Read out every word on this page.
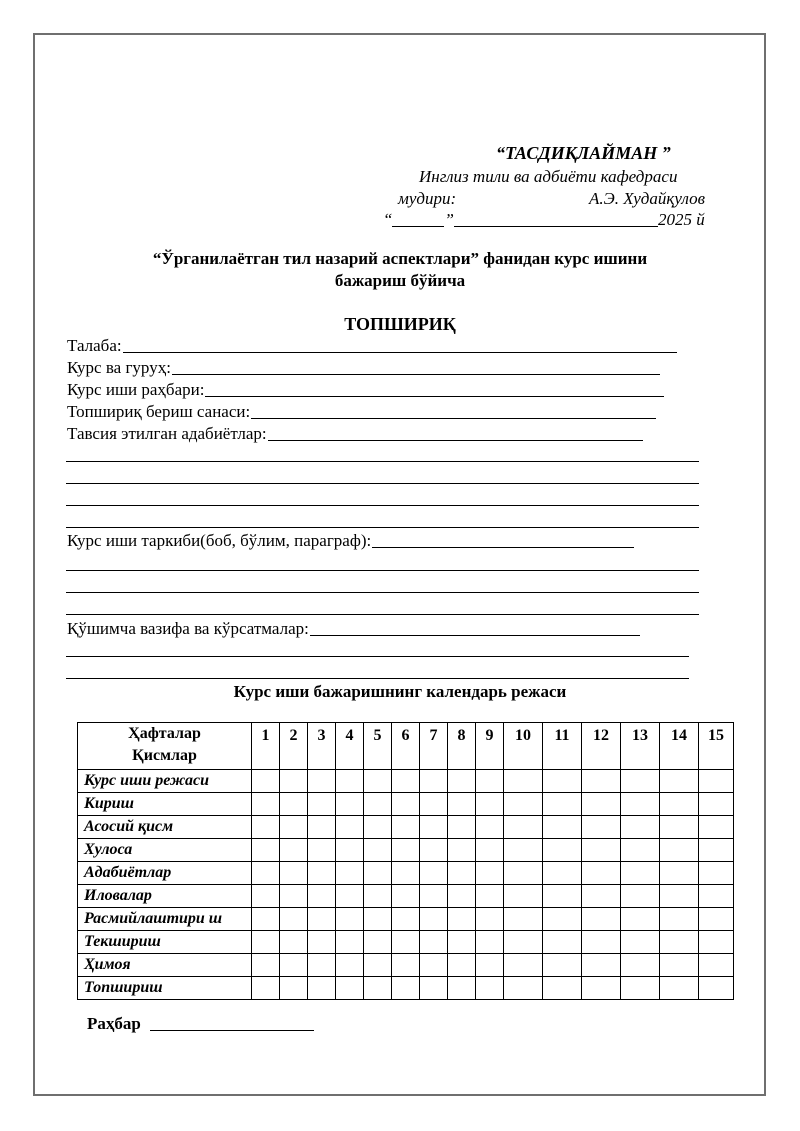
“ТАСДИҚЛАЙМАН ”
Инглиз тили ва адбиёти кафедраси
мудири:	А.Э. Худайқулов
“	”	2025 й
“Ўрганилаётган тил назарий аспектлари” фанидан курс ишини
бажариш бўйича
ТОПШИРИҚ
Талаба:
Курс ва гуруҳ:
Курс иши раҳбари:
Топшириқ бериш санаси:
Тавсия этилган адабиётлар:
Курс иши таркиби(боб, бўлим, параграф):
Қўшимча вазифа ва кўрсатмалар:
Курс иши бажаришнинг календарь режаси
Ҳафталар
Қисмлар	1	2	3	4	5	6	7	8	9	10	11	12	13	14	15
Курс иши режаси															
Кириш															
Асосий қисм															
Хулоса															
Адабиётлар															
Иловалар															
Расмийлаштири ш															
Текшириш															
Ҳимоя															
Топшириш															
Раҳбар
